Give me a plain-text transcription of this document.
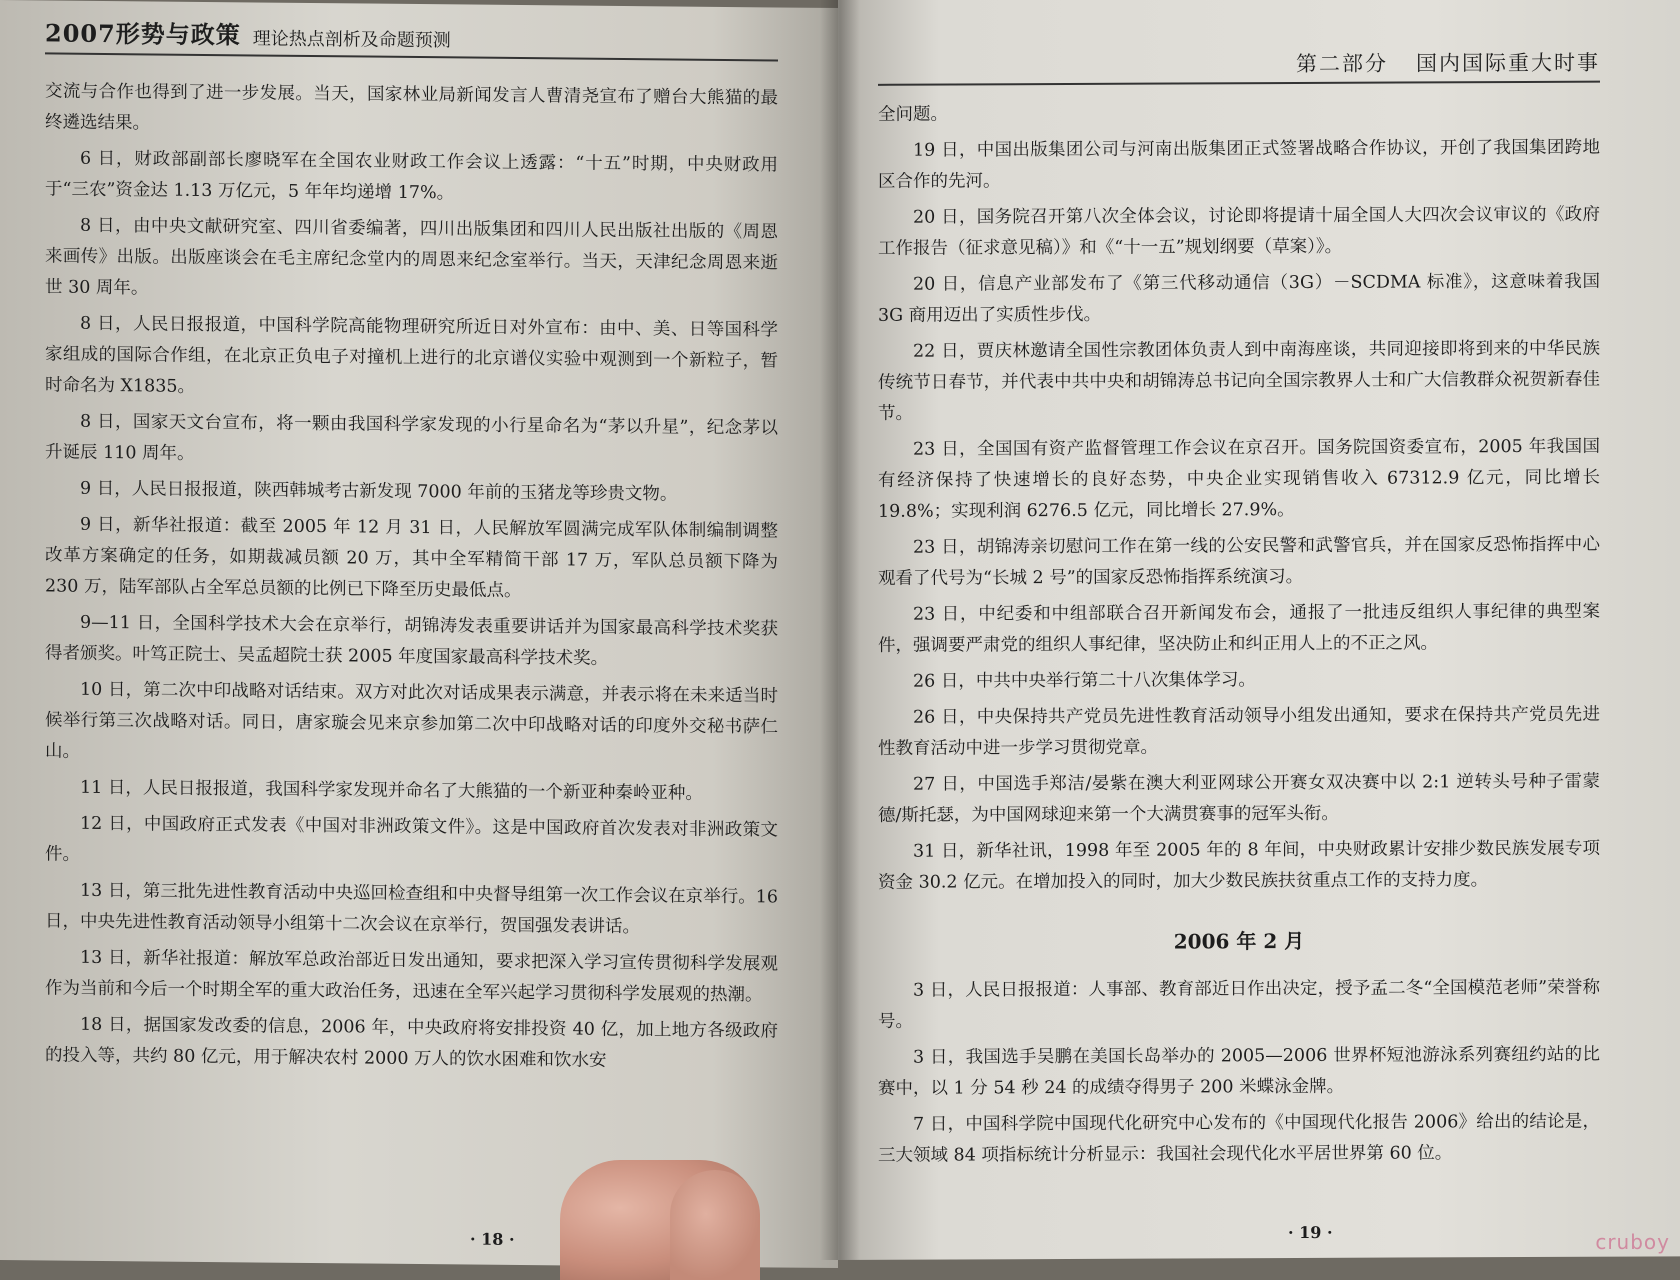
2007形势与政策 理论热点剖析及命题预测

交流与合作也得到了进一步发展。当天，国家林业局新闻发言人曹清尧宣布了赠台大熊猫的最终遴选结果。

6 日，财政部副部长廖晓军在全国农业财政工作会议上透露：“十五”时期，中央财政用于“三农”资金达 1.13 万亿元，5 年年均递增 17%。

8 日，由中央文献研究室、四川省委编著，四川出版集团和四川人民出版社出版的《周恩来画传》出版。出版座谈会在毛主席纪念堂内的周恩来纪念室举行。当天，天津纪念周恩来逝世 30 周年。

8 日，人民日报报道，中国科学院高能物理研究所近日对外宣布：由中、美、日等国科学家组成的国际合作组，在北京正负电子对撞机上进行的北京谱仪实验中观测到一个新粒子，暂时命名为 X1835。

8 日，国家天文台宣布，将一颗由我国科学家发现的小行星命名为“茅以升星”，纪念茅以升诞辰 110 周年。

9 日，人民日报报道，陕西韩城考古新发现 7000 年前的玉猪龙等珍贵文物。

9 日，新华社报道：截至 2005 年 12 月 31 日，人民解放军圆满完成军队体制编制调整改革方案确定的任务，如期裁减员额 20 万，其中全军精简干部 17 万，军队总员额下降为 230 万，陆军部队占全军总员额的比例已下降至历史最低点。

9—11 日，全国科学技术大会在京举行，胡锦涛发表重要讲话并为国家最高科学技术奖获得者颁奖。叶笃正院士、吴孟超院士获 2005 年度国家最高科学技术奖。

10 日，第二次中印战略对话结束。双方对此次对话成果表示满意，并表示将在未来适当时候举行第三次战略对话。同日，唐家璇会见来京参加第二次中印战略对话的印度外交秘书萨仁山。

11 日，人民日报报道，我国科学家发现并命名了大熊猫的一个新亚种秦岭亚种。

12 日，中国政府正式发表《中国对非洲政策文件》。这是中国政府首次发表对非洲政策文件。

13 日，第三批先进性教育活动中央巡回检查组和中央督导组第一次工作会议在京举行。16 日，中央先进性教育活动领导小组第十二次会议在京举行，贺国强发表讲话。

13 日，新华社报道：解放军总政治部近日发出通知，要求把深入学习宣传贯彻科学发展观作为当前和今后一个时期全军的重大政治任务，迅速在全军兴起学习贯彻科学发展观的热潮。

18 日，据国家发改委的信息，2006 年，中央政府将安排投资 40 亿，加上地方各级政府的投入等，共约 80 亿元，用于解决农村 2000 万人的饮水困难和饮水安

· 18 ·
第二部分 国内国际重大时事

全问题。

19 日，中国出版集团公司与河南出版集团正式签署战略合作协议，开创了我国集团跨地区合作的先河。

20 日，国务院召开第八次全体会议，讨论即将提请十届全国人大四次会议审议的《政府工作报告（征求意见稿）》和《“十一五”规划纲要（草案）》。

20 日，信息产业部发布了《第三代移动通信（3G）－SCDMA 标准》，这意味着我国 3G 商用迈出了实质性步伐。

22 日，贾庆林邀请全国性宗教团体负责人到中南海座谈，共同迎接即将到来的中华民族传统节日春节，并代表中共中央和胡锦涛总书记向全国宗教界人士和广大信教群众祝贺新春佳节。

23 日，全国国有资产监督管理工作会议在京召开。国务院国资委宣布，2005 年我国国有经济保持了快速增长的良好态势，中央企业实现销售收入 67312.9 亿元，同比增长 19.8%；实现利润 6276.5 亿元，同比增长 27.9%。

23 日，胡锦涛亲切慰问工作在第一线的公安民警和武警官兵，并在国家反恐怖指挥中心观看了代号为“长城 2 号”的国家反恐怖指挥系统演习。

23 日，中纪委和中组部联合召开新闻发布会，通报了一批违反组织人事纪律的典型案件，强调要严肃党的组织人事纪律，坚决防止和纠正用人上的不正之风。

26 日，中共中央举行第二十八次集体学习。

26 日，中央保持共产党员先进性教育活动领导小组发出通知，要求在保持共产党员先进性教育活动中进一步学习贯彻党章。

27 日，中国选手郑洁/晏紫在澳大利亚网球公开赛女双决赛中以 2:1 逆转头号种子雷蒙德/斯托瑟，为中国网球迎来第一个大满贯赛事的冠军头衔。

31 日，新华社讯，1998 年至 2005 年的 8 年间，中央财政累计安排少数民族发展专项资金 30.2 亿元。在增加投入的同时，加大少数民族扶贫重点工作的支持力度。

2006 年 2 月

3 日，人民日报报道：人事部、教育部近日作出决定，授予孟二冬“全国模范老师”荣誉称号。

3 日，我国选手吴鹏在美国长岛举办的 2005—2006 世界杯短池游泳系列赛纽约站的比赛中，以 1 分 54 秒 24 的成绩夺得男子 200 米蝶泳金牌。

7 日，中国科学院中国现代化研究中心发布的《中国现代化报告 2006》给出的结论是，三大领域 84 项指标统计分析显示：我国社会现代化水平居世界第 60 位。

· 19 ·	cruboy
